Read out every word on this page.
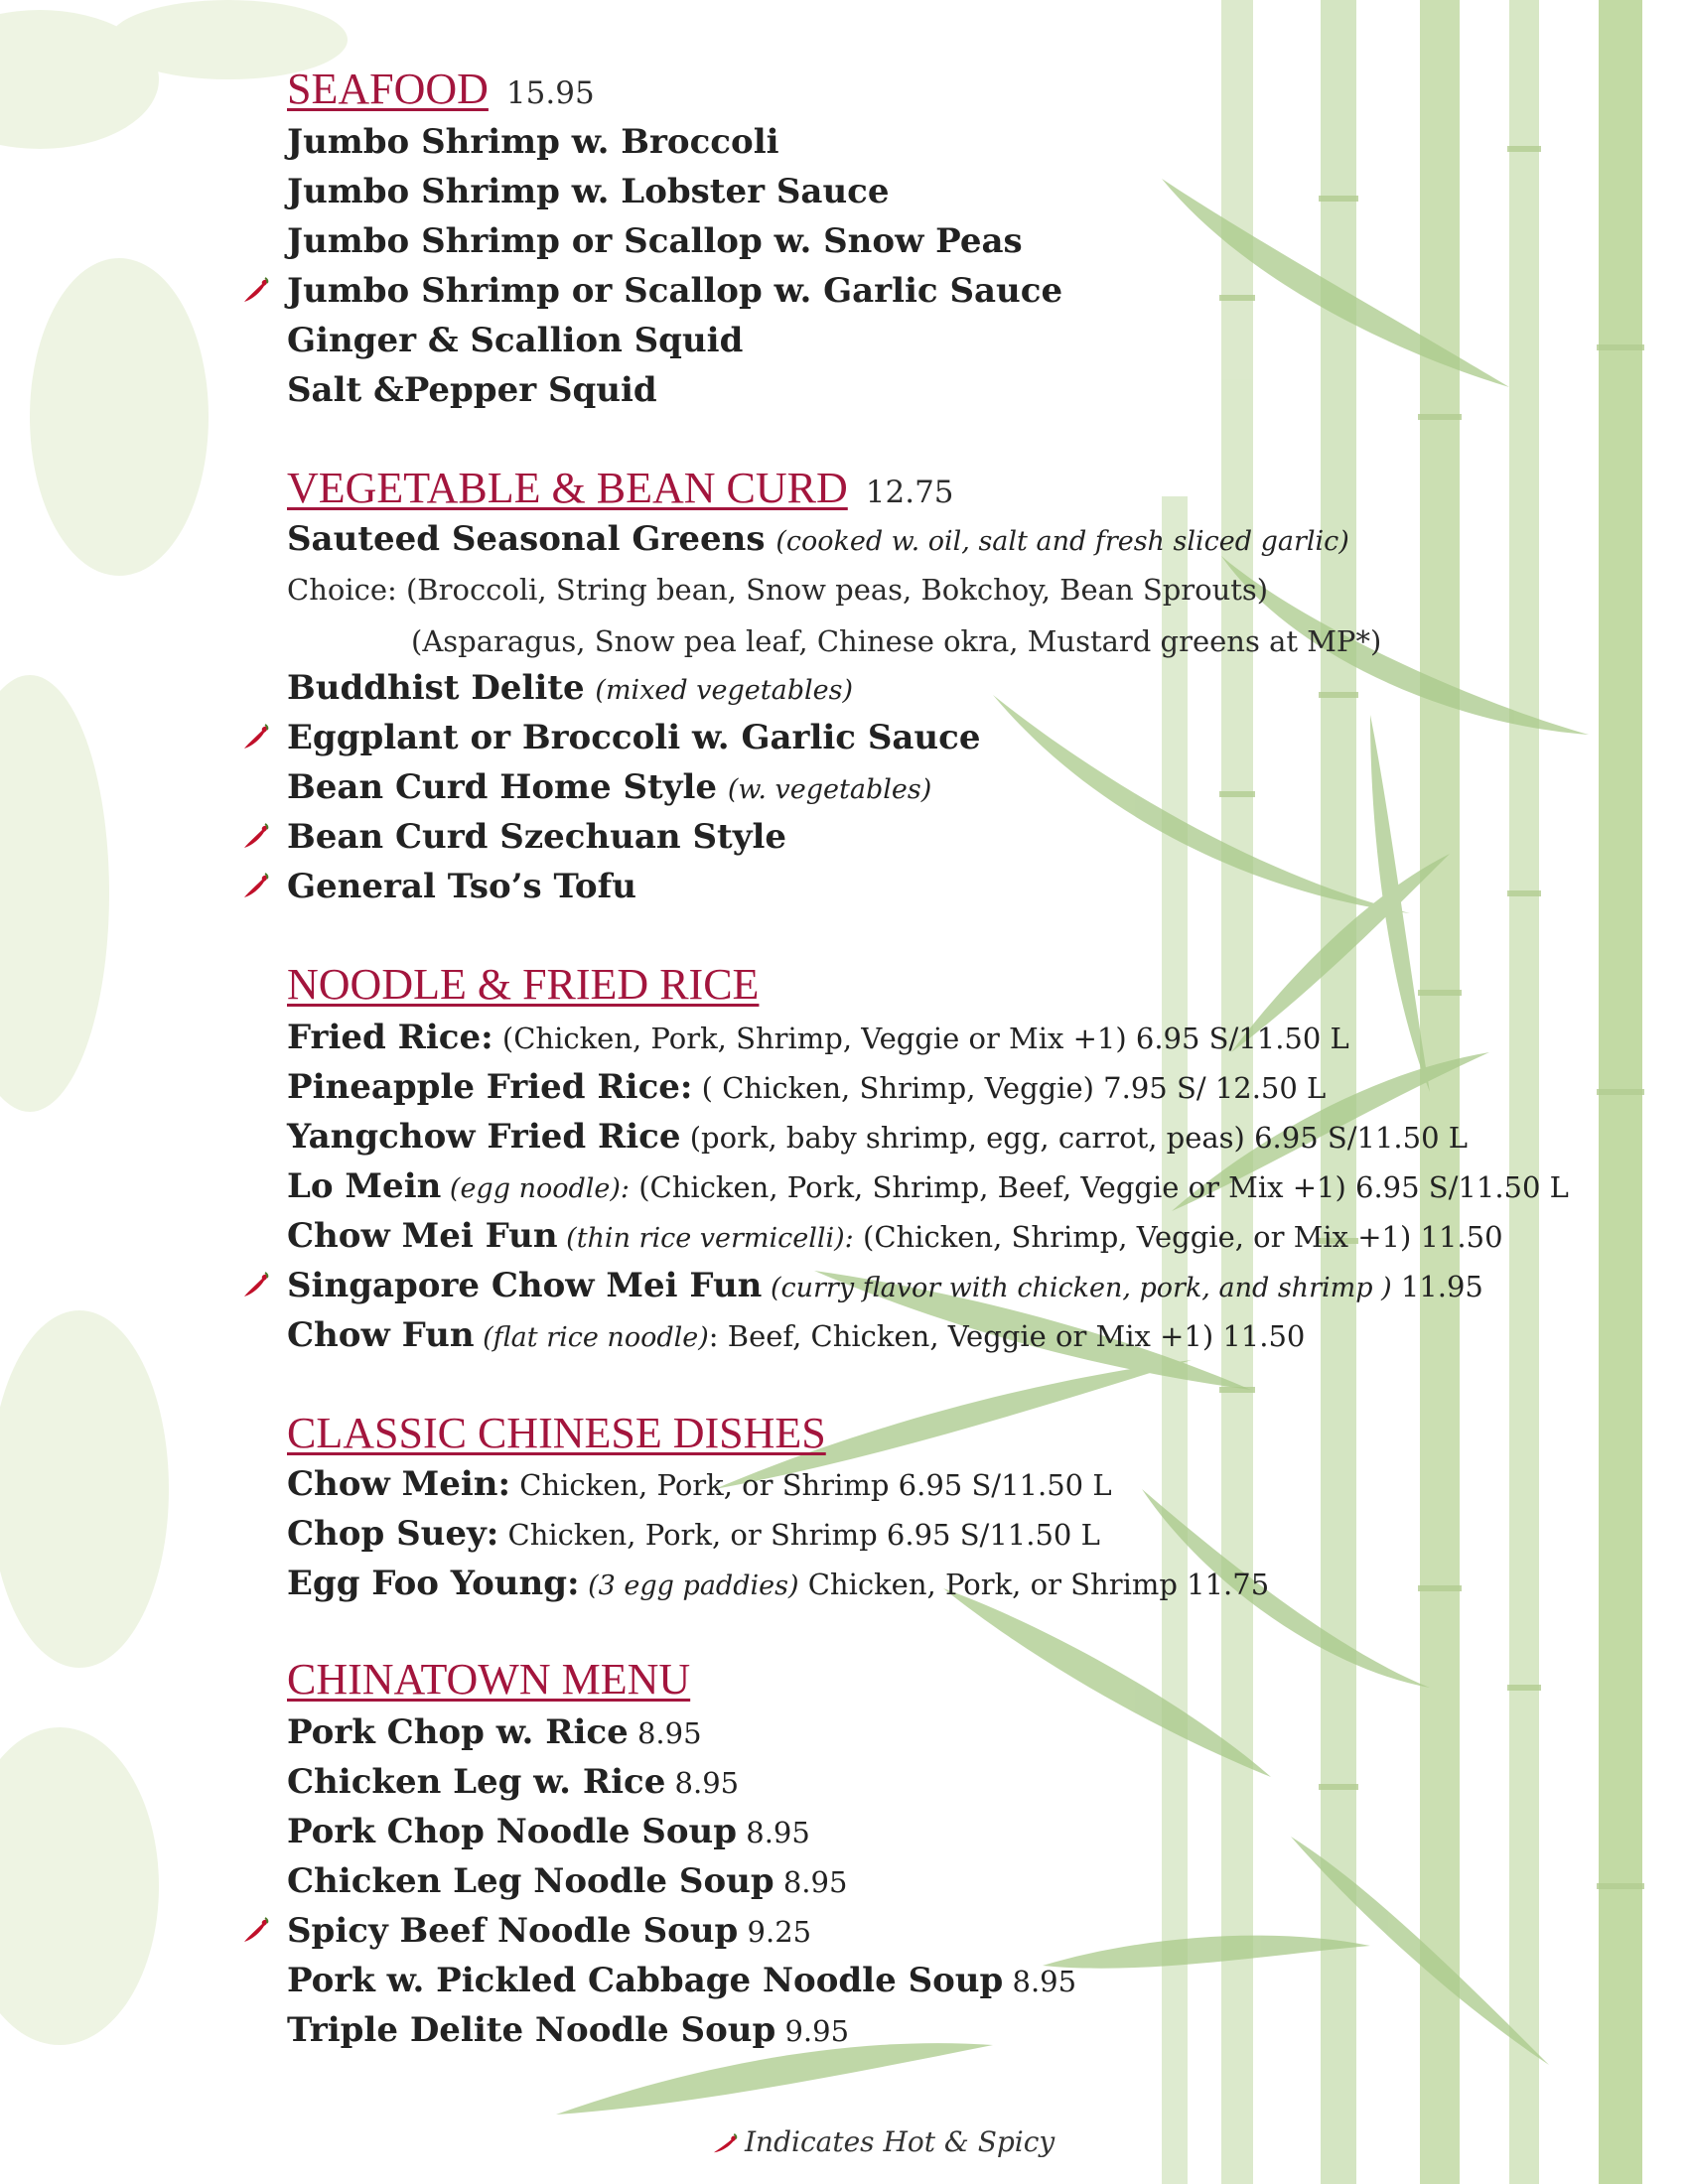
SEAFOOD 15.95
Jumbo Shrimp w. Broccoli
Jumbo Shrimp w. Lobster Sauce
Jumbo Shrimp or Scallop w. Snow Peas
Jumbo Shrimp or Scallop w. Garlic Sauce
Ginger & Scallion Squid
Salt &Pepper Squid
VEGETABLE & BEAN CURD 12.75
Sauteed Seasonal Greens (cooked w. oil, salt and fresh sliced garlic)
Choice: (Broccoli, String bean, Snow peas, Bokchoy, Bean Sprouts)
(Asparagus, Snow pea leaf, Chinese okra, Mustard greens at MP*)
Buddhist Delite (mixed vegetables)
Eggplant or Broccoli w. Garlic Sauce
Bean Curd Home Style (w. vegetables)
Bean Curd Szechuan Style
General Tso’s Tofu
NOODLE & FRIED RICE
Fried Rice: (Chicken, Pork, Shrimp, Veggie or Mix +1) 6.95 S/11.50 L
Pineapple Fried Rice: ( Chicken, Shrimp, Veggie) 7.95 S/ 12.50 L
Yangchow Fried Rice (pork, baby shrimp, egg, carrot, peas) 6.95 S/11.50 L
Lo Mein (egg noodle): (Chicken, Pork, Shrimp, Beef, Veggie or Mix +1) 6.95 S/11.50 L
Chow Mei Fun (thin rice vermicelli): (Chicken, Shrimp, Veggie, or Mix +1) 11.50
Singapore Chow Mei Fun (curry flavor with chicken, pork, and shrimp ) 11.95
Chow Fun (flat rice noodle): Beef, Chicken, Veggie or Mix +1) 11.50
CLASSIC CHINESE DISHES
Chow Mein: Chicken, Pork, or Shrimp 6.95 S/11.50 L
Chop Suey: Chicken, Pork, or Shrimp 6.95 S/11.50 L
Egg Foo Young: (3 egg paddies) Chicken, Pork, or Shrimp 11.75
CHINATOWN MENU
Pork Chop w. Rice 8.95
Chicken Leg w. Rice 8.95
Pork Chop Noodle Soup 8.95
Chicken Leg Noodle Soup 8.95
Spicy Beef Noodle Soup 9.25
Pork w. Pickled Cabbage Noodle Soup 8.95
Triple Delite Noodle Soup 9.95
Indicates Hot & Spicy
